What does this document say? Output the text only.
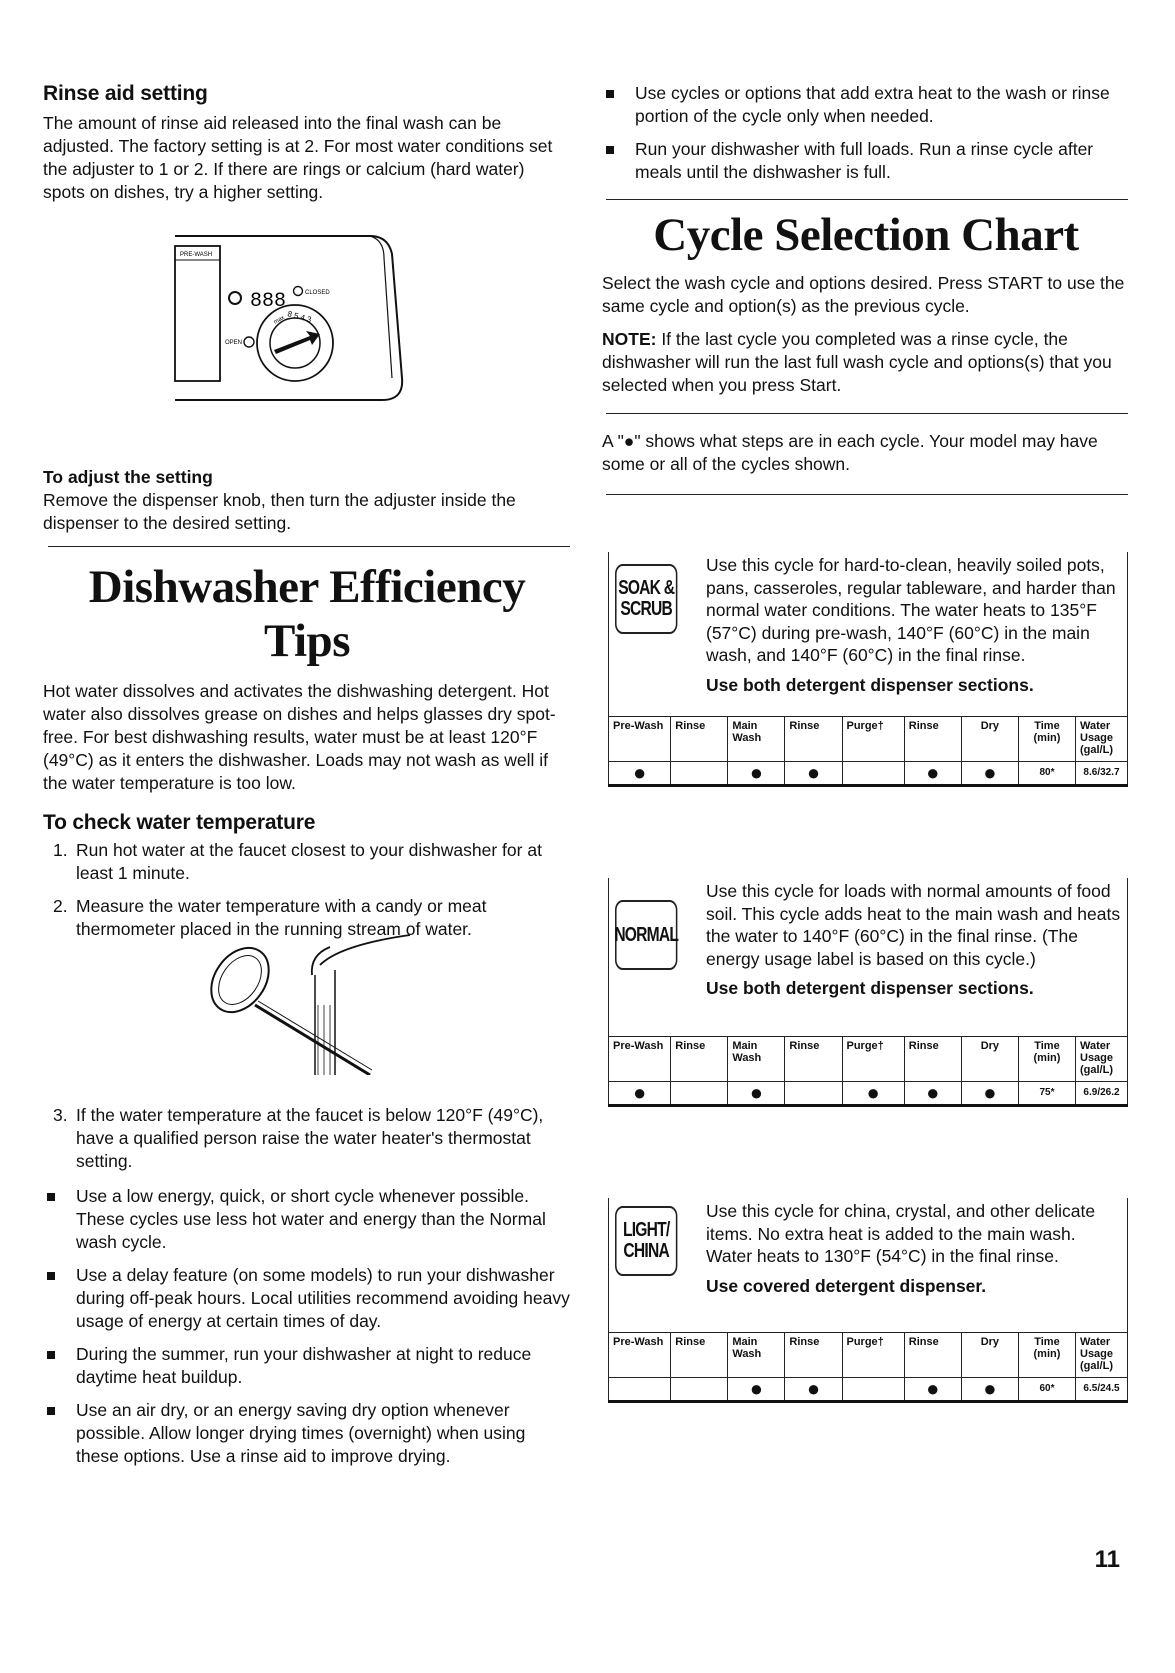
Rinse aid setting

The amount of rinse aid released into the final wash can be adjusted. The factory setting is at 2. For most water conditions set the adjuster to 1 or 2. If there are rings or calcium (hard water) spots on dishes, try a higher setting.

PRE-WASH
888	CLOSED
OPEN
8 5 4 3
max
To adjust the setting

Remove the dispenser knob, then turn the adjuster inside the dispenser to the desired setting.

Dishwasher Efficiency Tips

Hot water dissolves and activates the dishwashing detergent. Hot water also dissolves grease on dishes and helps glasses dry spot-free. For best dishwashing results, water must be at least 120°F (49°C) as it enters the dishwasher. Loads may not wash as well if the water temperature is too low.

To check water temperature
1. Run hot water at the faucet closest to your dishwasher for at least 1 minute.
2. Measure the water temperature with a candy or meat thermometer placed in the running stream of water.
3. If the water temperature at the faucet is below 120°F (49°C), have a qualified person raise the water heater's thermostat setting.
Use a low energy, quick, or short cycle whenever possible. These cycles use less hot water and energy than the Normal wash cycle.
Use a delay feature (on some models) to run your dishwasher during off-peak hours. Local utilities recommend avoiding heavy usage of energy at certain times of day.
During the summer, run your dishwasher at night to reduce daytime heat buildup.
Use an air dry, or an energy saving dry option whenever possible. Allow longer drying times (overnight) when using these options. Use a rinse aid to improve drying.
Use cycles or options that add extra heat to the wash or rinse portion of the cycle only when needed.
Run your dishwasher with full loads. Run a rinse cycle after meals until the dishwasher is full.
Cycle Selection Chart

Select the wash cycle and options desired. Press START to use the same cycle and option(s) as the previous cycle.

NOTE: If the last cycle you completed was a rinse cycle, the dishwasher will run the last full wash cycle and options(s) that you selected when you press Start.

A "●" shows what steps are in each cycle. Your model may have some or all of the cycles shown.

SOAK &
SCRUB
Use this cycle for hard-to-clean, heavily soiled pots, pans, casseroles, regular tableware, and harder than normal water conditions. The water heats to 135°F (57°C) during pre-wash, 140°F (60°C) in the main wash, and 140°F (60°C) in the final rinse.
Use both detergent dispenser sections.
Pre-Wash	Rinse	Main Wash	Rinse	Purge†	Rinse	Dry	Time (min)	Water Usage (gal/L)
●		●	●		●	●	80*	8.6/32.7
NORMAL
Use this cycle for loads with normal amounts of food soil. This cycle adds heat to the main wash and heats the water to 140°F (60°C) in the final rinse. (The energy usage label is based on this cycle.)
Use both detergent dispenser sections.
Pre-Wash	Rinse	Main Wash	Rinse	Purge†	Rinse	Dry	Time (min)	Water Usage (gal/L)
●		●		●	●	●	75*	6.9/26.2
LIGHT/
CHINA
Use this cycle for china, crystal, and other delicate items. No extra heat is added to the main wash. Water heats to 130°F (54°C) in the final rinse.
Use covered detergent dispenser.
Pre-Wash	Rinse	Main Wash	Rinse	Purge†	Rinse	Dry	Time (min)	Water Usage (gal/L)
		●	●		●	●	60*	6.5/24.5
11
